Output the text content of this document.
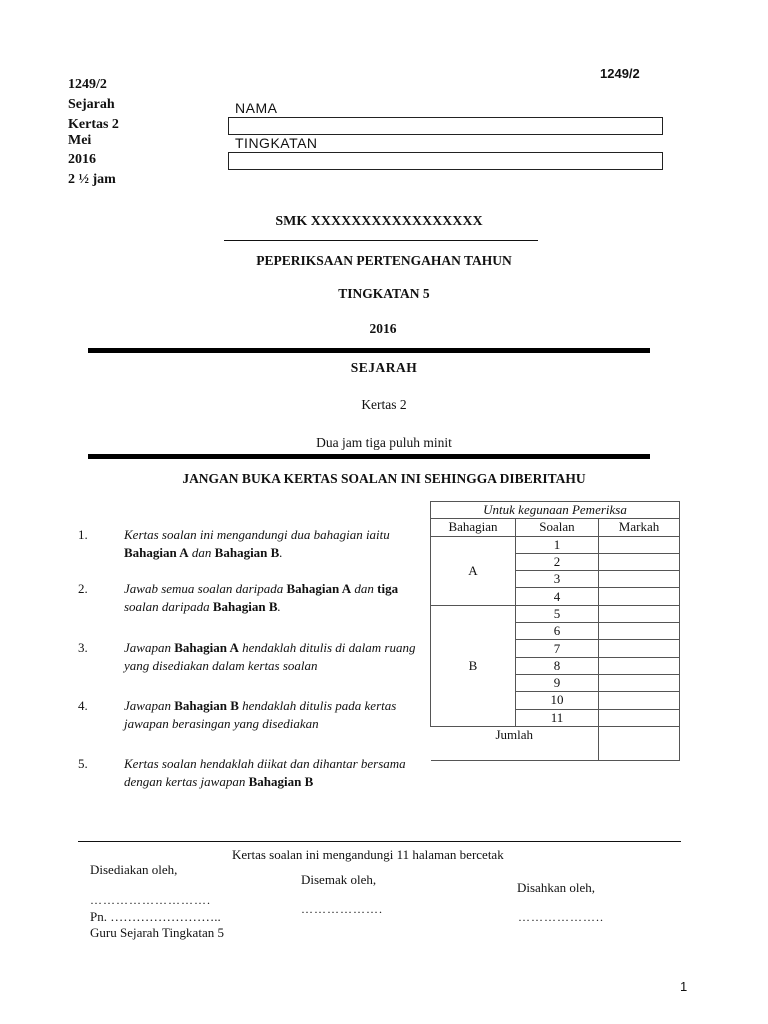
1249/2
1249/2
Sejarah
Kertas 2
Mei
2016
2 ½ jam
NAMA
TINGKATAN
SMK XXXXXXXXXXXXXXXXX
PEPERIKSAAN PERTENGAHAN TAHUN
TINGKATAN 5
2016
SEJARAH
Kertas 2
Dua jam tiga puluh minit
JANGAN BUKA KERTAS SOALAN INI SEHINGGA DIBERITAHU
1.	Kertas soalan ini mengandungi dua bahagian iaitu Bahagian A dan Bahagian B.
2.	Jawab semua soalan daripada Bahagian A dan tiga soalan daripada Bahagian B.
3.	Jawapan Bahagian A hendaklah ditulis di dalam ruang yang disediakan dalam kertas soalan
4.	Jawapan Bahagian B hendaklah ditulis pada kertas jawapan berasingan yang disediakan
5.	Kertas soalan hendaklah diikat dan dihantar bersama dengan kertas jawapan Bahagian B
Untuk kegunaan Pemeriksa		
Bahagian	Soalan	Markah
A	1	
	2	
	3	
	4	
B	5	
	6	
	7	
	8	
	9	
	10	
	11	
Jumlah		
Kertas soalan ini mengandungi 11 halaman bercetak
Disediakan oleh,
……………………….
Pn. ……………………..
Guru Sejarah Tingkatan 5
Disemak oleh,
……………….
Disahkan oleh,
………………..
1
